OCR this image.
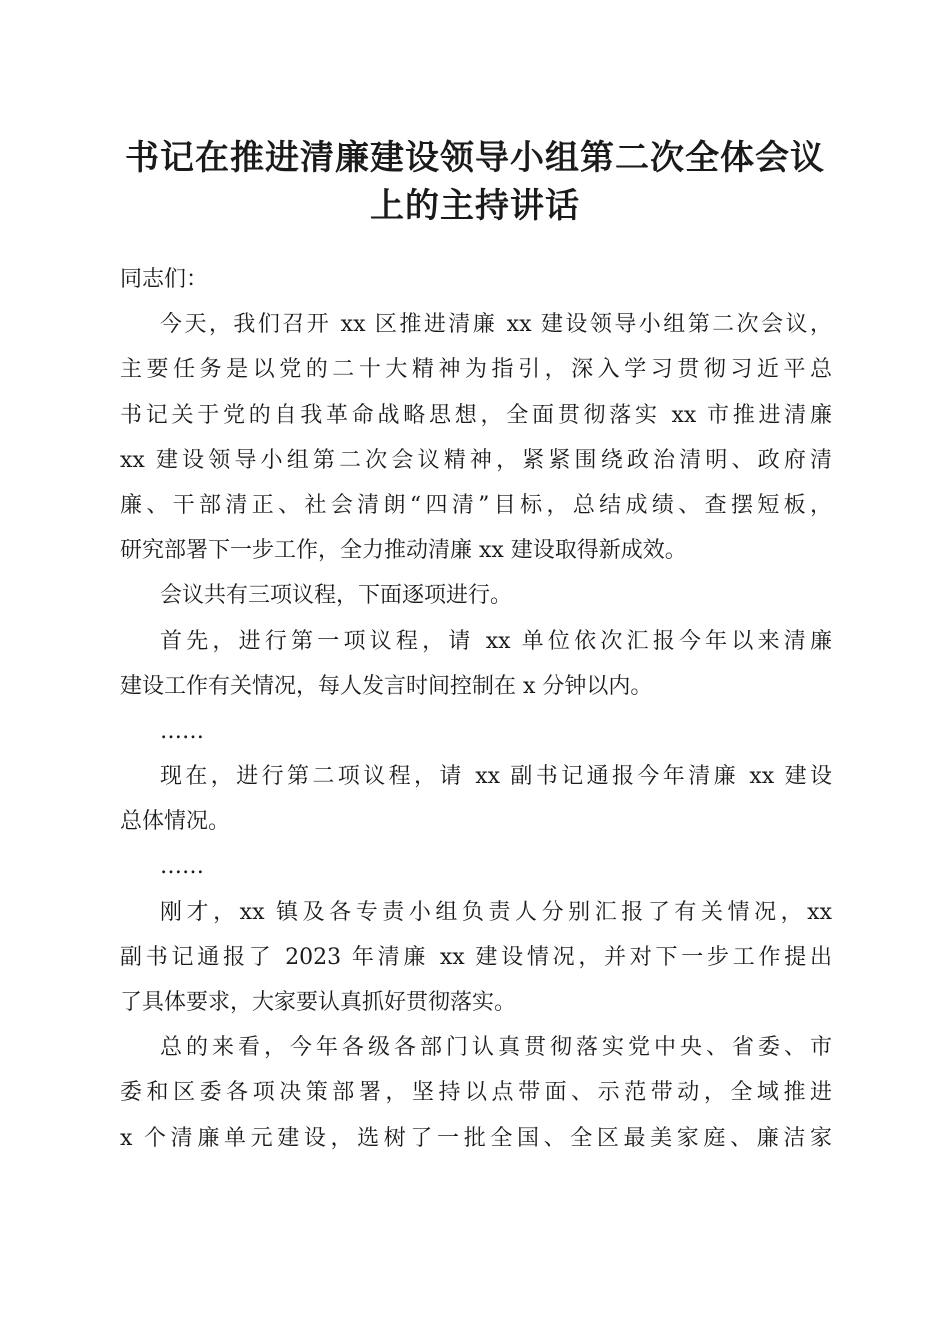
书记在推进清廉建设领导小组第二次全体会议
上的主持讲话
同志们：
今天，我们召开 xx 区推进清廉 xx 建设领导小组第二次会议，
主要任务是以党的二十大精神为指引，深入学习贯彻习近平总
书记关于党的自我革命战略思想，全面贯彻落实 xx 市推进清廉
xx 建设领导小组第二次会议精神，紧紧围绕政治清明、政府清
廉、干部清正、社会清朗“四清”目标，总结成绩、查摆短板，
研究部署下一步工作，全力推动清廉 xx 建设取得新成效。
会议共有三项议程，下面逐项进行。
首先，进行第一项议程，请 xx 单位依次汇报今年以来清廉
建设工作有关情况，每人发言时间控制在 x 分钟以内。
……
现在，进行第二项议程，请 xx 副书记通报今年清廉 xx 建设
总体情况。
……
刚才，xx 镇及各专责小组负责人分别汇报了有关情况，xx
副书记通报了 2023 年清廉 xx 建设情况，并对下一步工作提出
了具体要求，大家要认真抓好贯彻落实。
总的来看，今年各级各部门认真贯彻落实党中央、省委、市
委和区委各项决策部署，坚持以点带面、示范带动，全域推进
x 个清廉单元建设，选树了一批全国、全区最美家庭、廉洁家
